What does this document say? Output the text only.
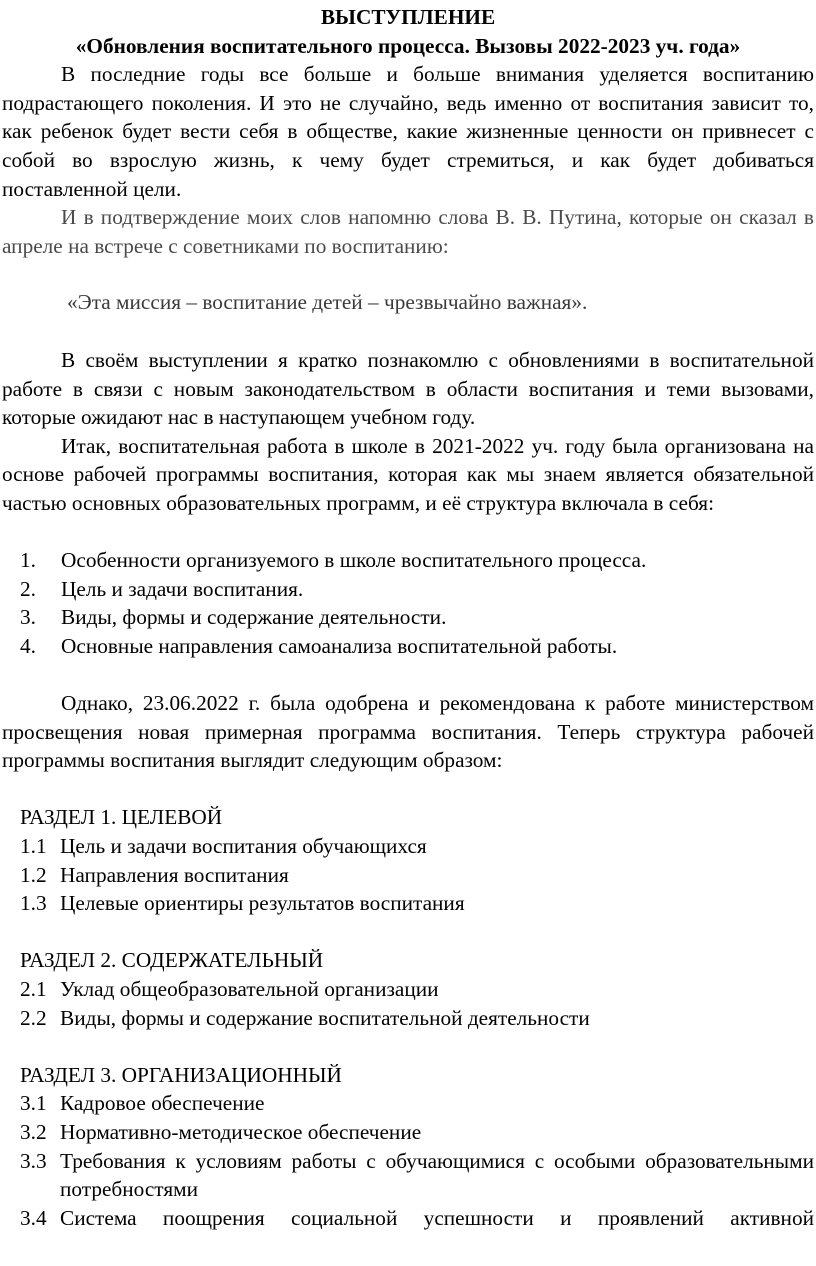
ВЫСТУПЛЕНИЕ

«Обновления воспитательного процесса. Вызовы 2022-2023 уч. года»

В последние годы все больше и больше внимания уделяется воспитанию подрастающего поколения. И это не случайно, ведь именно от воспитания зависит то, как ребенок будет вести себя в обществе, какие жизненные ценности он привнесет с собой во взрослую жизнь, к чему будет стремиться, и как будет добиваться поставленной цели.

И в подтверждение моих слов напомню слова В. В. Путина, которые он сказал в апреле на встрече с советниками по воспитанию:

«Эта миссия – воспитание детей – чрезвычайно важная».

В своём выступлении я кратко познакомлю с обновлениями в воспитательной работе в связи с новым законодательством в области воспитания и теми вызовами, которые ожидают нас в наступающем учебном году.

Итак, воспитательная работа в школе в 2021-2022 уч. году была организована на основе рабочей программы воспитания, которая как мы знаем является обязательной частью основных образовательных программ, и её структура включала в себя:

1.	Особенности организуемого в школе воспитательного процесса.
2.	Цель и задачи воспитания.
3.	Виды, формы и содержание деятельности.
4.	Основные направления самоанализа воспитательной работы.

Однако, 23.06.2022 г. была одобрена и рекомендована к работе министерством просвещения новая примерная программа воспитания. Теперь структура рабочей программы воспитания выглядит следующим образом:

РАЗДЕЛ 1. ЦЕЛЕВОЙ

1.1 Цель и задачи воспитания обучающихся
1.2 Направления воспитания
1.3 Целевые ориентиры результатов воспитания

РАЗДЕЛ 2. СОДЕРЖАТЕЛЬНЫЙ

2.1 Уклад общеобразовательной организации
2.2 Виды, формы и содержание воспитательной деятельности

РАЗДЕЛ 3. ОРГАНИЗАЦИОННЫЙ

3.1 Кадровое обеспечение
3.2 Нормативно-методическое обеспечение
3.3 Требования к условиям работы с обучающимися с особыми образовательными потребностями
3.4 Система поощрения социальной успешности и проявлений активной
